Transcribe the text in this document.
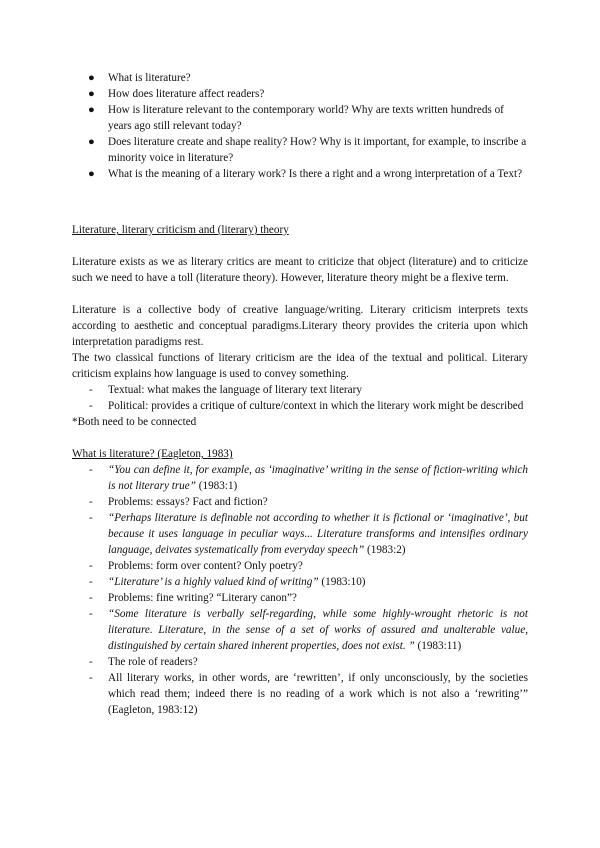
● What is literature?
● How does literature affect readers?
● How is literature relevant to the contemporary world? Why are texts written hundreds of years ago still relevant today?
● Does literature create and shape reality? How? Why is it important, for example, to inscribe a minority voice in literature?
● What is the meaning of a literary work? Is there a right and a wrong interpretation of a Text?

Literature, literary criticism and (literary) theory

Literature exists as we as literary critics are meant to criticize that object (literature) and to criticize such we need to have a toll (literature theory). However, literature theory might be a flexive term.

Literature is a collective body of creative language/writing. Literary criticism interprets texts according to aesthetic and conceptual paradigms.Literary theory provides the criteria upon which interpretation paradigms rest.

The two classical functions of literary criticism are the idea of the textual and political. Literary criticism explains how language is used to convey something.

- Textual: what makes the language of literary text literary
- Political: provides a critique of culture/context in which the literary work might be described

*Both need to be connected

What is literature? (Eagleton, 1983)

- “You can define it, for example, as ‘imaginative’ writing in the sense of fiction-writing which is not literary true” (1983:1)
- Problems: essays? Fact and fiction?
- “Perhaps literature is definable not according to whether it is fictional or ‘imaginative’, but because it uses language in peculiar ways... Literature transforms and intensifies ordinary language, deivates systematically from everyday speech” (1983:2)
- Problems: form over content? Only poetry?
- “Literature’ is a highly valued kind of writing” (1983:10)
- Problems: fine writing? “Literary canon”?
- “Some literature is verbally self-regarding, while some highly-wrought rhetoric is not literature. Literature, in the sense of a set of works of assured and unalterable value, distinguished by certain shared inherent properties, does not exist. ” (1983:11)
- The role of readers?
- All literary works, in other words, are ‘rewritten’, if only unconsciously, by the societies which read them; indeed there is no reading of a work which is not also a ‘rewriting’” (Eagleton, 1983:12)
